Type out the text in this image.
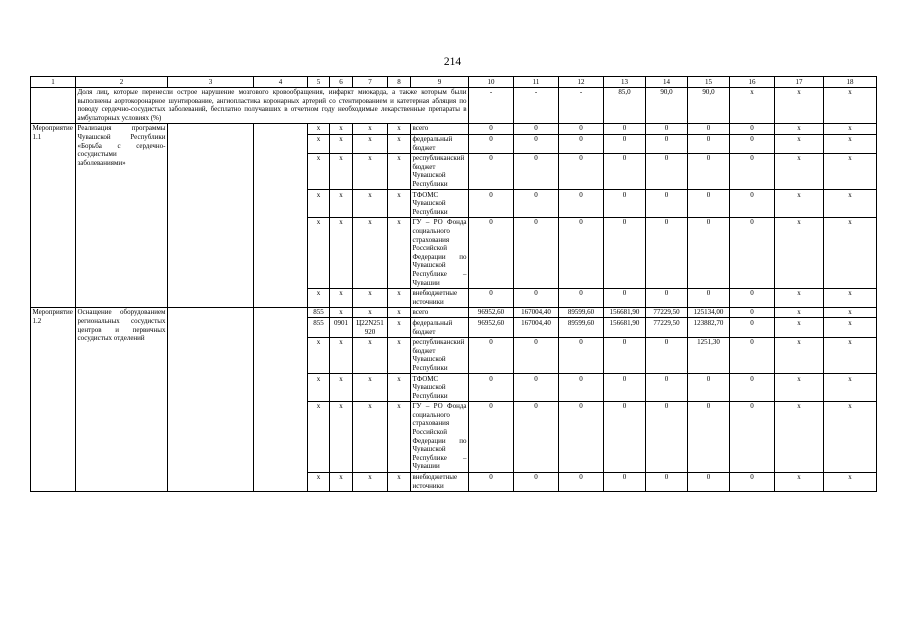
214
1	2	3	4	5	6	7	8	9	10	11	12	13	14	15	16	17	18
	Доля лиц, которые перенесли острое нарушение мозгового кровообращения, инфаркт миокарда, а также которым были выполнены аортокоронарное шунтирование, ангиопластика коронарных артерий со стентированием и катетерная абляция по поводу сердечно-сосудистых заболеваний, бесплатно получавших в отчетном году необходимые лекарственные препараты в амбулаторных условиях (%)								-	-	-	85,0	90,0	90,0	x	x	x
Мероприятие 1.1	Реализация программы Чувашской Республики «Борьба с сердечно-сосудистыми заболеваниями»			x	x	x	x	всего	0	0	0	0	0	0	0	x	x
				x	x	x	x	федеральный бюджет	0	0	0	0	0	0	0	x	x
				x	x	x	x	республиканский бюджет Чувашской Республики	0	0	0	0	0	0	0	x	x
				x	x	x	x	ТФОМС Чувашской Республики	0	0	0	0	0	0	0	x	x
				x	x	x	x	ГУ – РО Фонда социального страхования Российской Федерации по Чувашской Республике – Чувашии	0	0	0	0	0	0	0	x	x
				x	x	x	x	внебюджетные источники	0	0	0	0	0	0	0	x	x
Мероприятие 1.2	Оснащение оборудованием региональных сосудистых центров и первичных сосудистых отделений			855	x	x	x	всего	96952,60	167004,40	89599,60	156681,90	77229,50	125134,00	0	x	x
				855	0901	Ц22N251920	x	федеральный бюджет	96952,60	167004,40	89599,60	156681,90	77229,50	123882,70	0	x	x
				x	x	x	x	республиканский бюджет Чувашской Республики	0	0	0	0	0	1251,30	0	x	x
				x	x	x	x	ТФОМС Чувашской Республики	0	0	0	0	0	0	0	x	x
				x	x	x	x	ГУ – РО Фонда социального страхования Российской Федерации по Чувашской Республике – Чувашии	0	0	0	0	0	0	0	x	x
				x	x	x	x	внебюджетные источники	0	0	0	0	0	0	0	x	x
